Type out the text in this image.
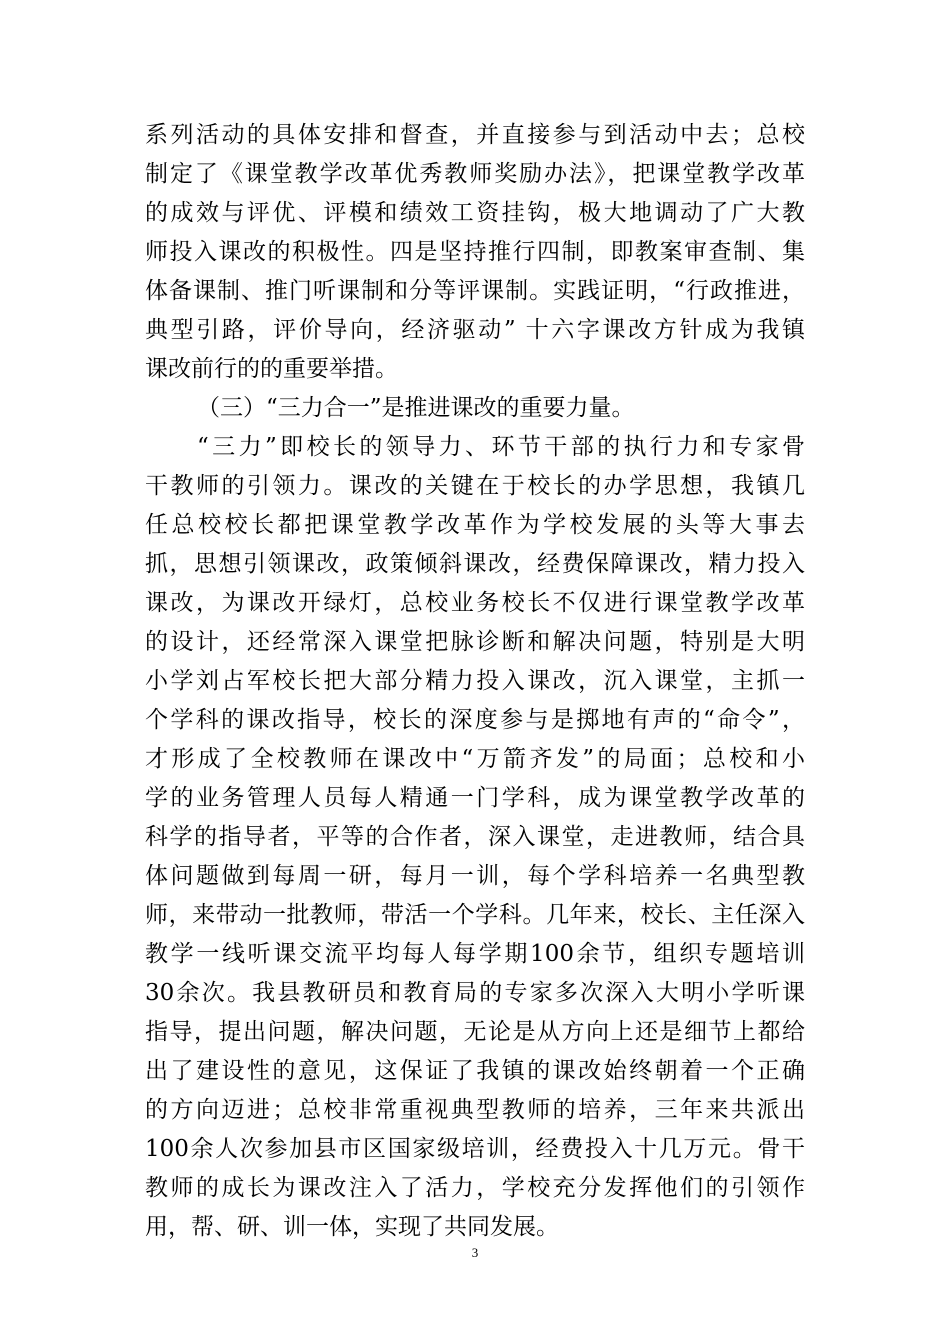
系列活动的具体安排和督查，并直接参与到活动中去；总校
制定了《课堂教学改革优秀教师奖励办法》，把课堂教学改革
的成效与评优、评模和绩效工资挂钩，极大地调动了广大教
师投入课改的积极性。四是坚持推行四制，即教案审查制、集
体备课制、推门听课制和分等评课制。实践证明，“行政推进，
典型引路，评价导向，经济驱动” 十六字课改方针成为我镇
课改前行的的重要举措。
（三）“三力合一”是推进课改的重要力量。
“三力”即校长的领导力、环节干部的执行力和专家骨
干教师的引领力。课改的关键在于校长的办学思想，我镇几
任总校校长都把课堂教学改革作为学校发展的头等大事去
抓，思想引领课改，政策倾斜课改，经费保障课改，精力投入
课改，为课改开绿灯，总校业务校长不仅进行课堂教学改革
的设计，还经常深入课堂把脉诊断和解决问题，特别是大明
小学刘占军校长把大部分精力投入课改，沉入课堂，主抓一
个学科的课改指导，校长的深度参与是掷地有声的“命令”，
才形成了全校教师在课改中“万箭齐发”的局面；总校和小
学的业务管理人员每人精通一门学科，成为课堂教学改革的
科学的指导者，平等的合作者，深入课堂，走进教师，结合具
体问题做到每周一研，每月一训，每个学科培养一名典型教
师，来带动一批教师，带活一个学科。几年来，校长、主任深入
教学一线听课交流平均每人每学期100余节，组织专题培训
30余次。我县教研员和教育局的专家多次深入大明小学听课
指导，提出问题，解决问题，无论是从方向上还是细节上都给
出了建设性的意见，这保证了我镇的课改始终朝着一个正确
的方向迈进；总校非常重视典型教师的培养，三年来共派出
100余人次参加县市区国家级培训，经费投入十几万元。骨干
教师的成长为课改注入了活力，学校充分发挥他们的引领作
用，帮、研、训一体，实现了共同发展。
3
